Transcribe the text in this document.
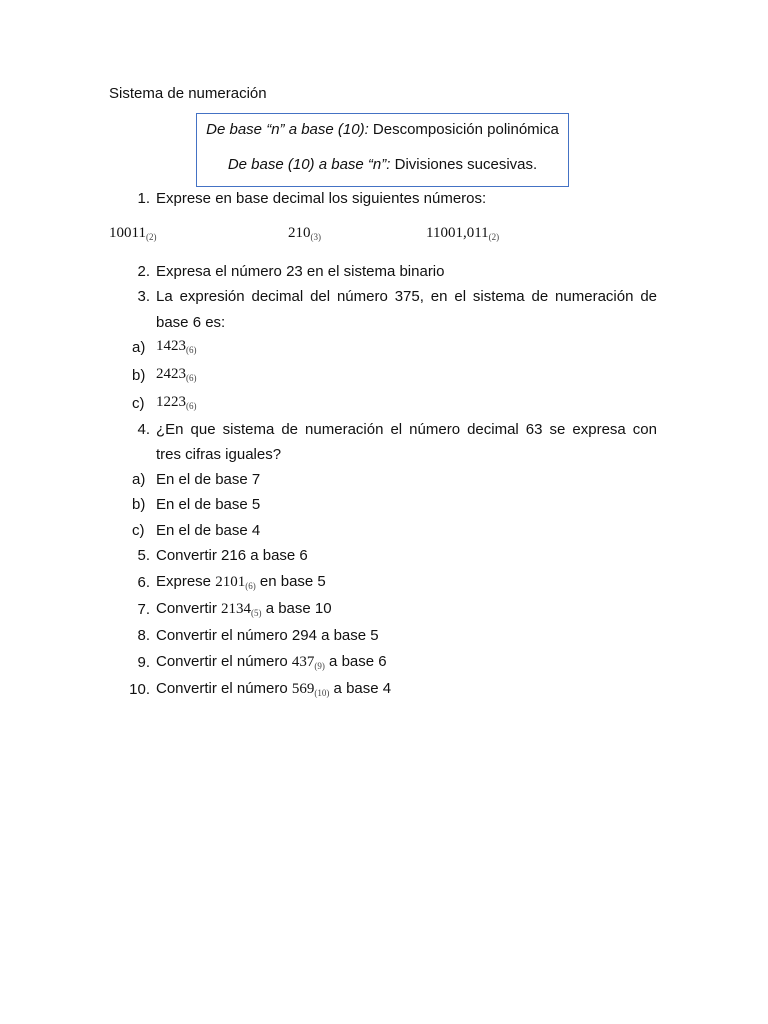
Sistema de numeración
De base “n” a base (10): Descomposición polinómica
De base (10) a base “n”: Divisiones sucesivas.
1. Exprese en base decimal los siguientes números:
$10011_{(2)}$	$210_{(3)}$	$11001,011_{(2)}$
2. Expresa el número 23 en el sistema binario
3. La expresión decimal del número 375, en el sistema de numeración de
base 6 es:
a) $1423_{(6)}$
b) $2423_{(6)}$
c) $1223_{(6)}$
4. ¿En que sistema de numeración el número decimal 63 se expresa con
tres cifras iguales?
a) En el de base 7
b) En el de base 5
c) En el de base 4
5. Convertir 216 a base 6
6. Exprese $2101_{(6)}$ en base 5
7. Convertir $2134_{(5)}$ a base 10
8. Convertir el número 294 a base 5
9. Convertir el número $437_{(9)}$ a base 6
10. Convertir el número $569_{(10)}$ a base 4
